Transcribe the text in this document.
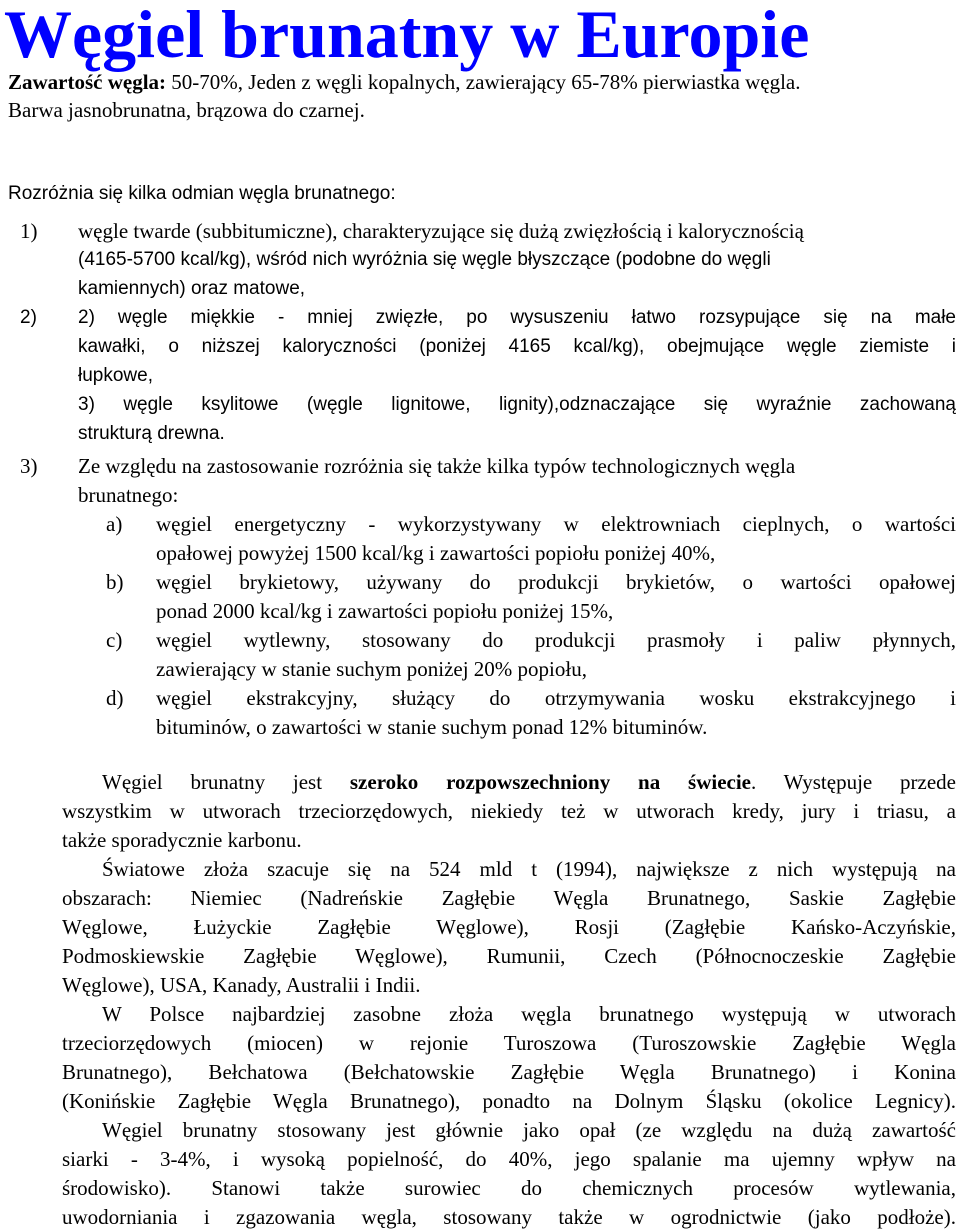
Węgiel brunatny w Europie
Zawartość węgla: 50-70%, Jeden z węgli kopalnych, zawierający 65-78% pierwiastka węgla.
Barwa jasnobrunatna, brązowa do czarnej.
Rozróżnia się kilka odmian węgla brunatnego:
1) węgle twarde (subbitumiczne), charakteryzujące się dużą zwięzłością i kalorycznością
(4165-5700 kcal/kg), wśród nich wyróżnia się węgle błyszczące (podobne do węgli
kamiennych) oraz matowe,
2) 2) węgle miękkie - mniej zwięzłe, po wysuszeniu łatwo rozsypujące się na małe
kawałki, o niższej kaloryczności (poniżej 4165 kcal/kg), obejmujące węgle ziemiste i
łupkowe,
3) węgle ksylitowe (węgle lignitowe, lignity),odznaczające się wyraźnie zachowaną
strukturą drewna.
3) Ze względu na zastosowanie rozróżnia się także kilka typów technologicznych węgla
brunatnego:
a) węgiel energetyczny - wykorzystywany w elektrowniach cieplnych, o wartości
opałowej powyżej 1500 kcal/kg i zawartości popiołu poniżej 40%,
b) węgiel brykietowy, używany do produkcji brykietów, o wartości opałowej
ponad 2000 kcal/kg i zawartości popiołu poniżej 15%,
c) węgiel wytlewny, stosowany do produkcji prasmoły i paliw płynnych,
zawierający w stanie suchym poniżej 20% popiołu,
d) węgiel ekstrakcyjny, służący do otrzymywania wosku ekstrakcyjnego i
bituminów, o zawartości w stanie suchym ponad 12% bituminów.
Węgiel brunatny jest szeroko rozpowszechniony na świecie. Występuje przede
wszystkim w utworach trzeciorzędowych, niekiedy też w utworach kredy, jury i triasu, a
także sporadycznie karbonu.
Światowe złoża szacuje się na 524 mld t (1994), największe z nich występują na
obszarach: Niemiec (Nadreńskie Zagłębie Węgla Brunatnego, Saskie Zagłębie
Węglowe, Łużyckie Zagłębie Węglowe), Rosji (Zagłębie Kańsko-Aczyńskie,
Podmoskiewskie Zagłębie Węglowe), Rumunii, Czech (Północnoczeskie Zagłębie
Węglowe), USA, Kanady, Australii i Indii.
W Polsce najbardziej zasobne złoża węgla brunatnego występują w utworach
trzeciorzędowych (miocen) w rejonie Turoszowa (Turoszowskie Zagłębie Węgla
Brunatnego), Bełchatowa (Bełchatowskie Zagłębie Węgla Brunatnego) i Konina
(Konińskie Zagłębie Węgla Brunatnego), ponadto na Dolnym Śląsku (okolice Legnicy).
Węgiel brunatny stosowany jest głównie jako opał (ze względu na dużą zawartość
siarki - 3-4%, i wysoką popielność, do 40%, jego spalanie ma ujemny wpływ na
środowisko). Stanowi także surowiec do chemicznych procesów wytlewania,
uwodorniania i zgazowania węgla, stosowany także w ogrodnictwie (jako podłoże).
